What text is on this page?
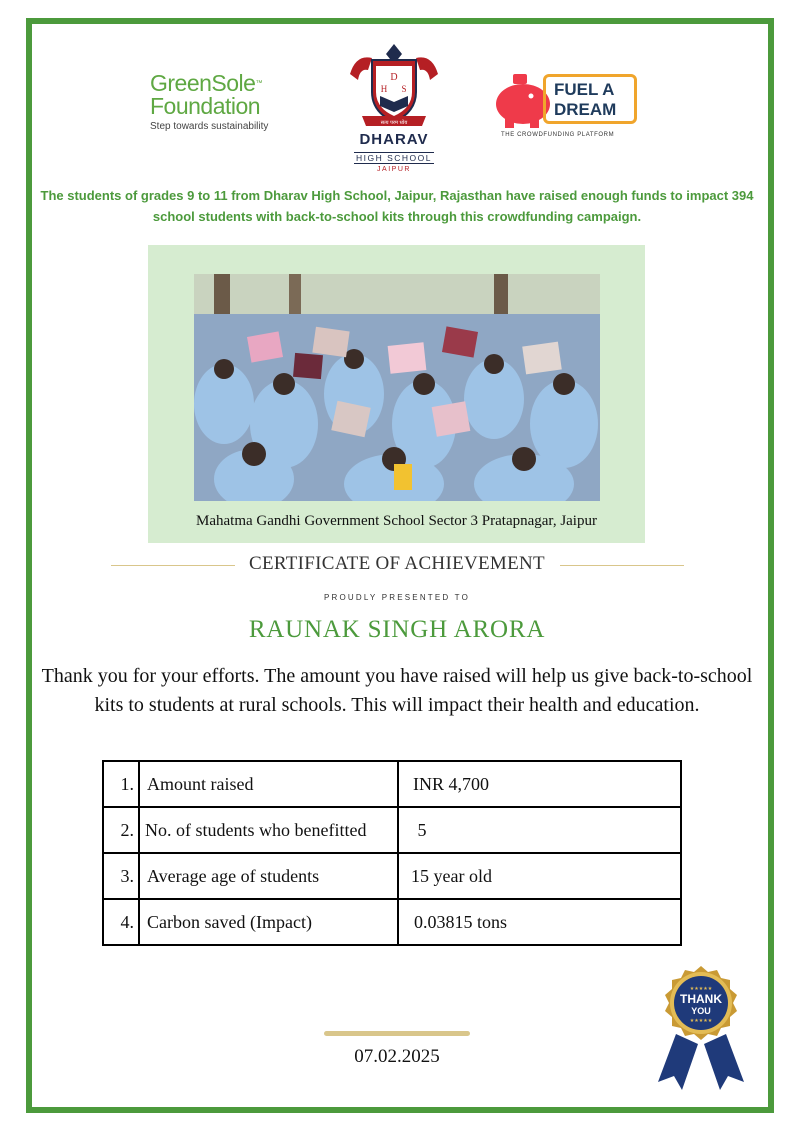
GreenSole™
Foundation
Step towards sustainability
D
H S
सत्य परम ध्येय
DHARAV
HIGH SCHOOL
JAIPUR
FUEL A
DREAM
THE CROWDFUNDING PLATFORM
The students of grades 9 to 11 from Dharav High School, Jaipur, Rajasthan have raised enough funds to impact 394 school students with back-to-school kits through this crowdfunding campaign.
Mahatma Gandhi Government School Sector 3 Pratapnagar, Jaipur
CERTIFICATE OF ACHIEVEMENT
PROUDLY PRESENTED TO
RAUNAK SINGH ARORA
Thank you for your efforts. The amount you have raised will help us give back-to-school kits to students at rural schools. This will impact their health and education.
1.	Amount raised	INR 4,700
2.	No. of students who benefitted	5
3.	Average age of students	15 year old
4.	Carbon saved (Impact)	0.03815 tons
★★★★★
THANK
YOU
★★★★★
07.02.2025
